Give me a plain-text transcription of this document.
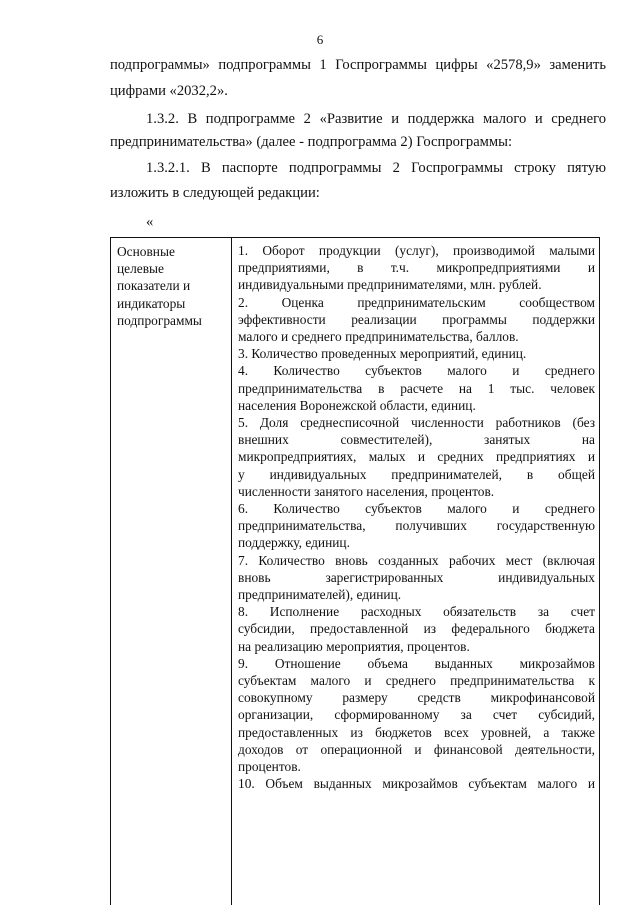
6
подпрограммы» подпрограммы 1 Госпрограммы цифры «2578,9» заменить
цифрами «2032,2».
1.3.2. В подпрограмме 2 «Развитие и поддержка малого и среднего
предпринимательства» (далее - подпрограмма 2) Госпрограммы:
1.3.2.1. В паспорте подпрограммы 2 Госпрограммы строку пятую
изложить в следующей редакции:
«
Основные
целевые
показатели и
индикаторы
подпрограммы
1. Оборот продукции (услуг), производимой малыми
предприятиями, в т.ч. микропредприятиями и
индивидуальными предпринимателями, млн. рублей.
2. Оценка предпринимательским сообществом
эффективности реализации программы поддержки
малого и среднего предпринимательства, баллов.
3. Количество проведенных мероприятий, единиц.
4. Количество субъектов малого и среднего
предпринимательства в расчете на 1 тыс. человек
населения Воронежской области, единиц.
5. Доля среднесписочной численности работников (без
внешних совместителей), занятых на
микропредприятиях, малых и средних предприятиях и
у индивидуальных предпринимателей, в общей
численности занятого населения, процентов.
6. Количество субъектов малого и среднего
предпринимательства, получивших государственную
поддержку, единиц.
7. Количество вновь созданных рабочих мест (включая
вновь зарегистрированных индивидуальных
предпринимателей), единиц.
8. Исполнение расходных обязательств за счет
субсидии, предоставленной из федерального бюджета
на реализацию мероприятия, процентов.
9. Отношение объема выданных микрозаймов
субъектам малого и среднего предпринимательства к
совокупному размеру средств микрофинансовой
организации, сформированному за счет субсидий,
предоставленных из бюджетов всех уровней, а также
доходов от операционной и финансовой деятельности,
процентов.
10. Объем выданных микрозаймов субъектам малого и
